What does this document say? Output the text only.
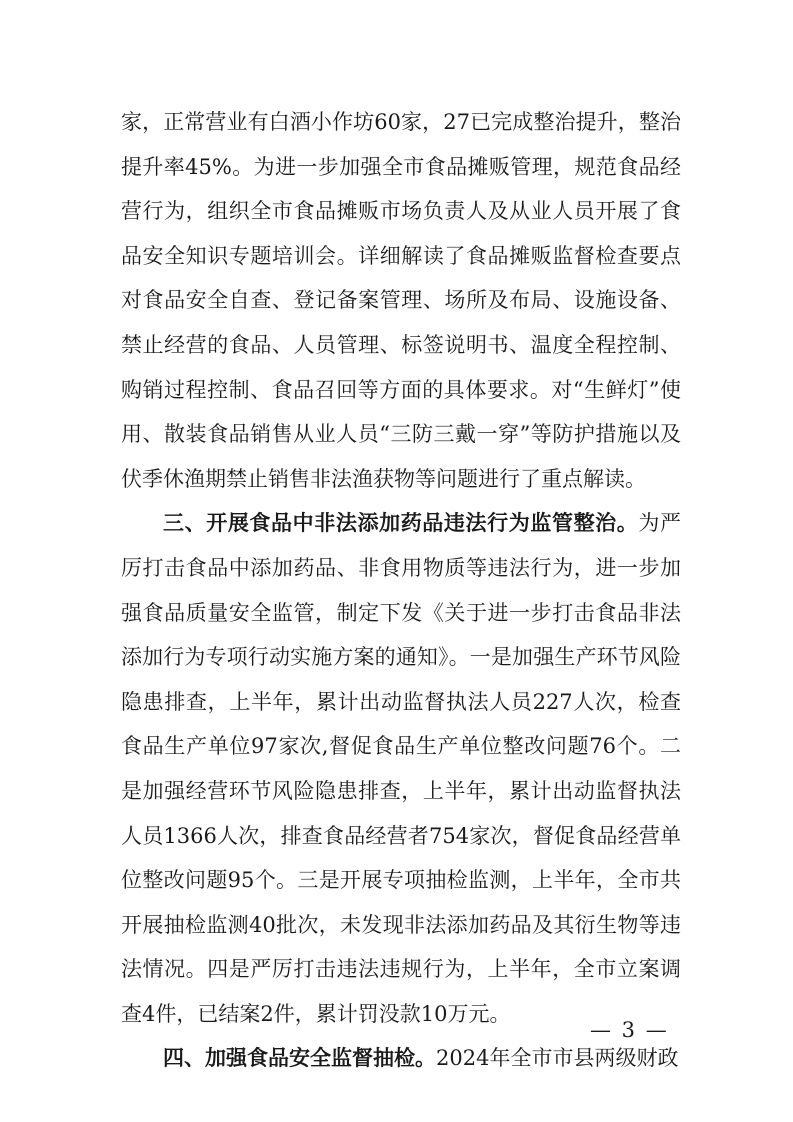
家，正常营业有白酒小作坊60家，27已完成整治提升，整治提升率45%。为进一步加强全市食品摊贩管理，规范食品经营行为，组织全市食品摊贩市场负责人及从业人员开展了食品安全知识专题培训会。详细解读了食品摊贩监督检查要点对食品安全自查、登记备案管理、场所及布局、设施设备、禁止经营的食品、人员管理、标签说明书、温度全程控制、购销过程控制、食品召回等方面的具体要求。对“生鲜灯”使用、散装食品销售从业人员“三防三戴一穿”等防护措施以及伏季休渔期禁止销售非法渔获物等问题进行了重点解读。

三、开展食品中非法添加药品违法行为监管整治。为严厉打击食品中添加药品、非食用物质等违法行为，进一步加强食品质量安全监管，制定下发《关于进一步打击食品非法添加行为专项行动实施方案的通知》。一是加强生产环节风险隐患排查，上半年，累计出动监督执法人员227人次，检查食品生产单位97家次,督促食品生产单位整改问题76个。二是加强经营环节风险隐患排查，上半年，累计出动监督执法人员1366人次，排查食品经营者754家次，督促食品经营单位整改问题95个。三是开展专项抽检监测，上半年，全市共开展抽检监测40批次，未发现非法添加药品及其衍生物等违法情况。四是严厉打击违法违规行为，上半年，全市立案调查4件，已结案2件，累计罚没款10万元。

四、加强食品安全监督抽检。2024年全市市县两级财政

— 3 —
